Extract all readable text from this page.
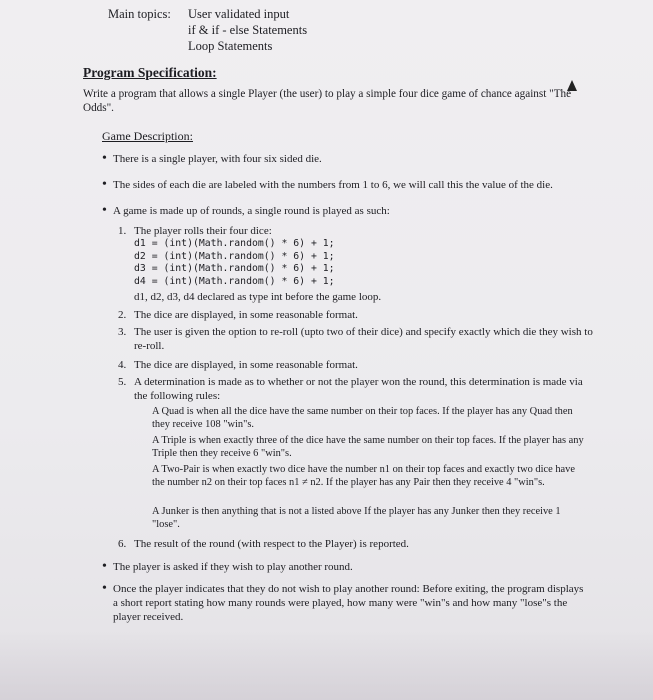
Main topics: User validated input
if & if - else Statements
Loop Statements
Program Specification:
Write a program that allows a single Player (the user) to play a simple four dice game of chance against "The Odds".
Game Description:
• There is a single player, with four six sided die.
• The sides of each die are labeled with the numbers from 1 to 6, we will call this the value of the die.
• A game is made up of rounds, a single round is played as such:
1. The player rolls their four dice:
d1 = (int)(Math.random() * 6) + 1;
d2 = (int)(Math.random() * 6) + 1;
d3 = (int)(Math.random() * 6) + 1;
d4 = (int)(Math.random() * 6) + 1;
d1, d2, d3, d4 declared as type int before the game loop.
2. The dice are displayed, in some reasonable format.
3. The user is given the option to re-roll (upto two of their dice) and specify exactly which die they wish to re-roll.
4. The dice are displayed, in some reasonable format.
5. A determination is made as to whether or not the player won the round, this determination is made via the following rules:
A Quad is when all the dice have the same number on their top faces. If the player has any Quad then they receive 108 "win"s.
A Triple is when exactly three of the dice have the same number on their top faces. If the player has any Triple then they receive 6 "win"s.
A Two-Pair is when exactly two dice have the number n1 on their top faces and exactly two dice have the number n2 on their top faces n1 ≠ n2. If the player has any Pair then they receive 4 "win"s.
A Junker is then anything that is not a listed above If the player has any Junker then they receive 1 "lose".
6. The result of the round (with respect to the Player) is reported.
• The player is asked if they wish to play another round.
• Once the player indicates that they do not wish to play another round: Before exiting, the program displays a short report stating how many rounds were played, how many were "win"s and how many "lose"s the player received.
